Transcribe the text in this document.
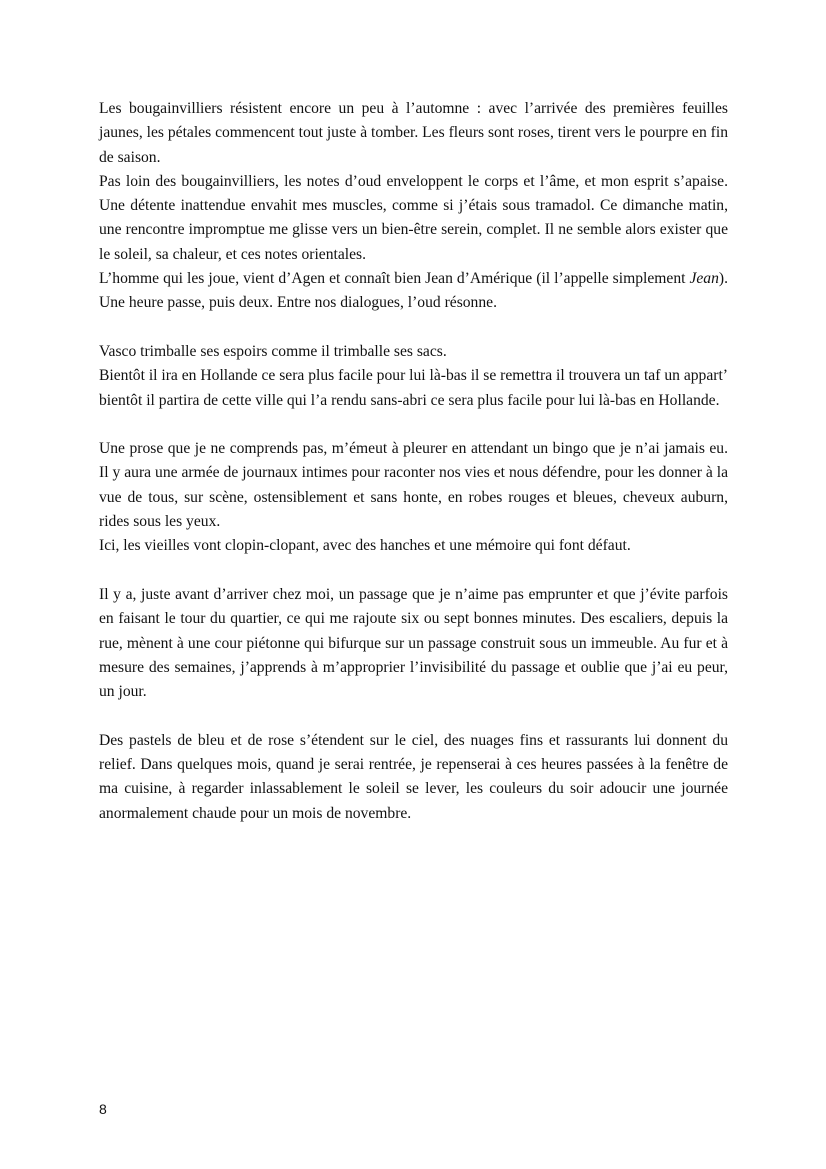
Les bougainvilliers résistent encore un peu à l’automne : avec l’arrivée des premières feuilles jaunes, les pétales commencent tout juste à tomber. Les fleurs sont roses, tirent vers le pourpre en fin de saison.

Pas loin des bougainvilliers, les notes d’oud enveloppent le corps et l’âme, et mon esprit s’apaise. Une détente inattendue envahit mes muscles, comme si j’étais sous tramadol. Ce dimanche matin, une rencontre impromptue me glisse vers un bien-être serein, complet. Il ne semble alors exister que le soleil, sa chaleur, et ces notes orientales.

L’homme qui les joue, vient d’Agen et connaît bien Jean d’Amérique (il l’appelle simplement Jean). Une heure passe, puis deux. Entre nos dialogues, l’oud résonne.

Vasco trimballe ses espoirs comme il trimballe ses sacs.

Bientôt il ira en Hollande ce sera plus facile pour lui là-bas il se remettra il trouvera un taf un appart’ bientôt il partira de cette ville qui l’a rendu sans-abri ce sera plus facile pour lui là-bas en Hollande.

Une prose que je ne comprends pas, m’émeut à pleurer en attendant un bingo que je n’ai jamais eu. Il y aura une armée de journaux intimes pour raconter nos vies et nous défendre, pour les donner à la vue de tous, sur scène, ostensiblement et sans honte, en robes rouges et bleues, cheveux auburn, rides sous les yeux.

Ici, les vieilles vont clopin-clopant, avec des hanches et une mémoire qui font défaut.

Il y a, juste avant d’arriver chez moi, un passage que je n’aime pas emprunter et que j’évite parfois en faisant le tour du quartier, ce qui me rajoute six ou sept bonnes minutes. Des escaliers, depuis la rue, mènent à une cour piétonne qui bifurque sur un passage construit sous un immeuble. Au fur et à mesure des semaines, j’apprends à m’approprier l’invisibilité du passage et oublie que j’ai eu peur, un jour.

Des pastels de bleu et de rose s’étendent sur le ciel, des nuages fins et rassurants lui donnent du relief. Dans quelques mois, quand je serai rentrée, je repenserai à ces heures passées à la fenêtre de ma cuisine, à regarder inlassablement le soleil se lever, les couleurs du soir adoucir une journée anormalement chaude pour un mois de novembre.

8
